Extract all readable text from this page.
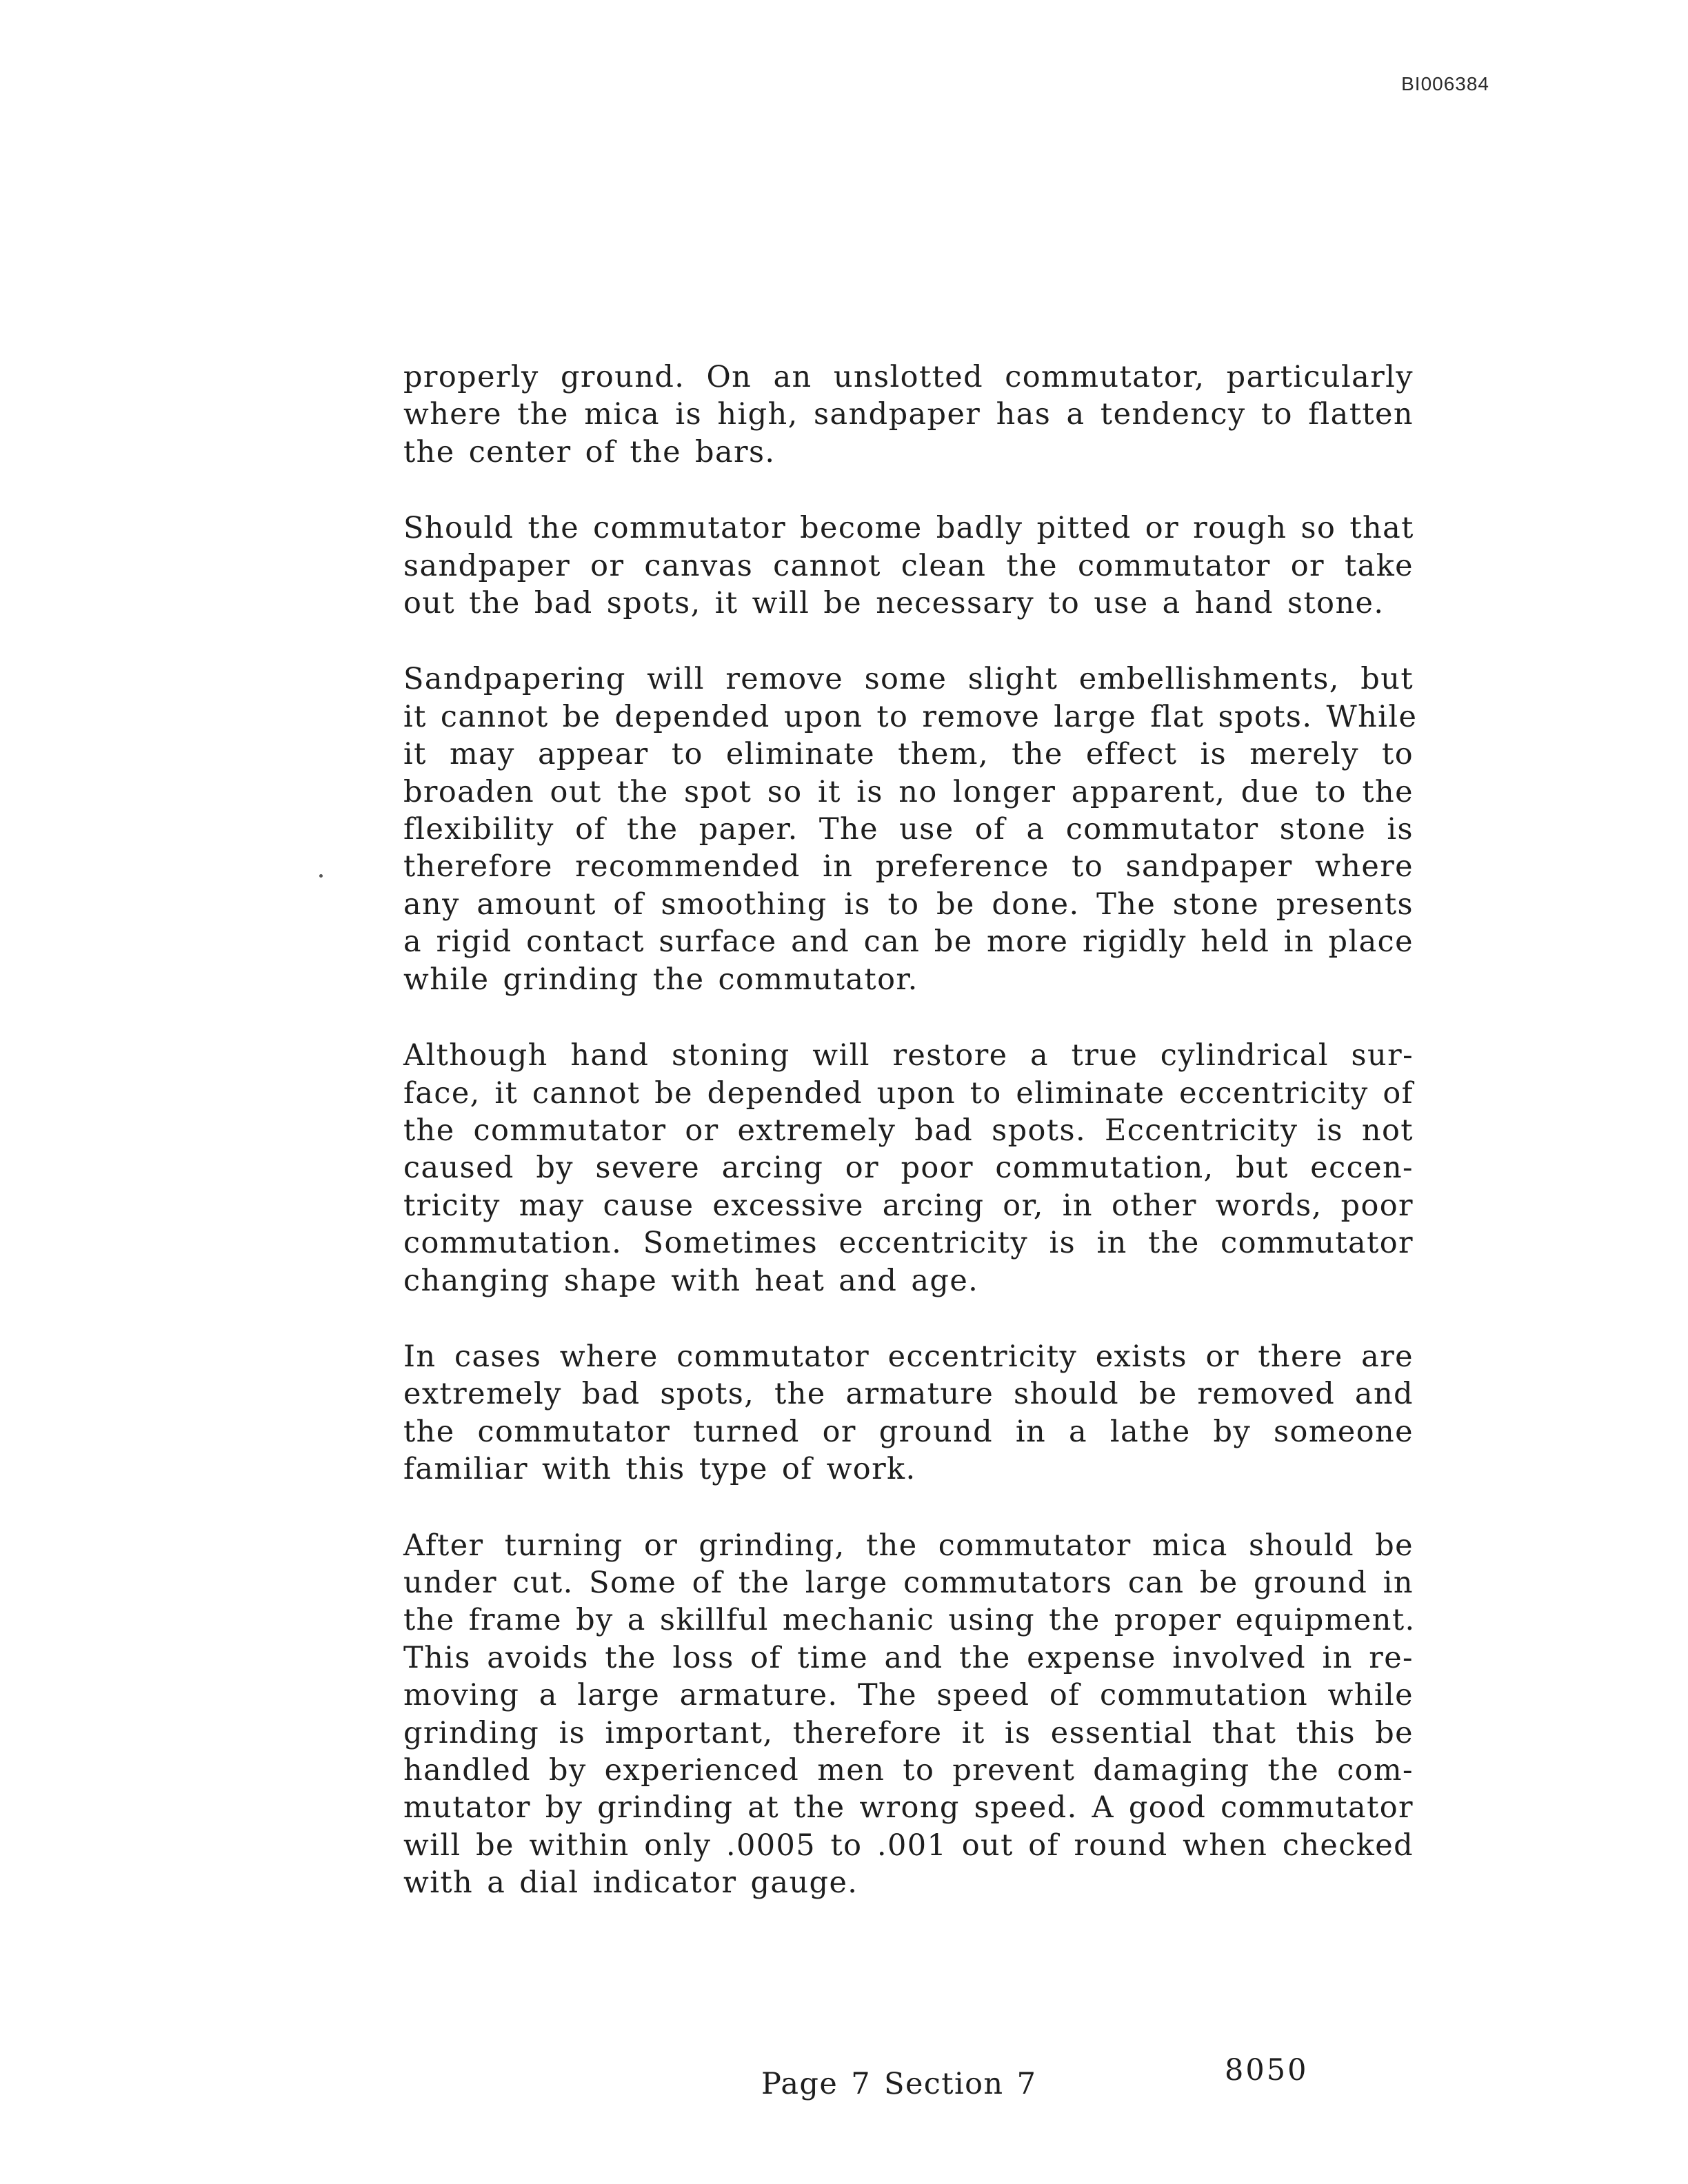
BI006384

properly ground. On an unslotted commutator, particularly
where the mica is high, sandpaper has a tendency to flatten
the center of the bars.

Should the commutator become badly pitted or rough so that
sandpaper or canvas cannot clean the commutator or take
out the bad spots, it will be necessary to use a hand stone.

Sandpapering will remove some slight embellishments, but
it cannot be depended upon to remove large flat spots. While
it may appear to eliminate them, the effect is merely to
broaden out the spot so it is no longer apparent, due to the
flexibility of the paper. The use of a commutator stone is
therefore recommended in preference to sandpaper where
any amount of smoothing is to be done. The stone presents
a rigid contact surface and can be more rigidly held in place
while grinding the commutator.

Although hand stoning will restore a true cylindrical sur-
face, it cannot be depended upon to eliminate eccentricity of
the commutator or extremely bad spots. Eccentricity is not
caused by severe arcing or poor commutation, but eccen-
tricity may cause excessive arcing or, in other words, poor
commutation. Sometimes eccentricity is in the commutator
changing shape with heat and age.

In cases where commutator eccentricity exists or there are
extremely bad spots, the armature should be removed and
the commutator turned or ground in a lathe by someone
familiar with this type of work.

After turning or grinding, the commutator mica should be
under cut. Some of the large commutators can be ground in
the frame by a skillful mechanic using the proper equipment.
This avoids the loss of time and the expense involved in re-
moving a large armature. The speed of commutation while
grinding is important, therefore it is essential that this be
handled by experienced men to prevent damaging the com-
mutator by grinding at the wrong speed. A good commutator
will be within only .0005 to .001 out of round when checked
with a dial indicator gauge.

Page 7 Section 7	8050
